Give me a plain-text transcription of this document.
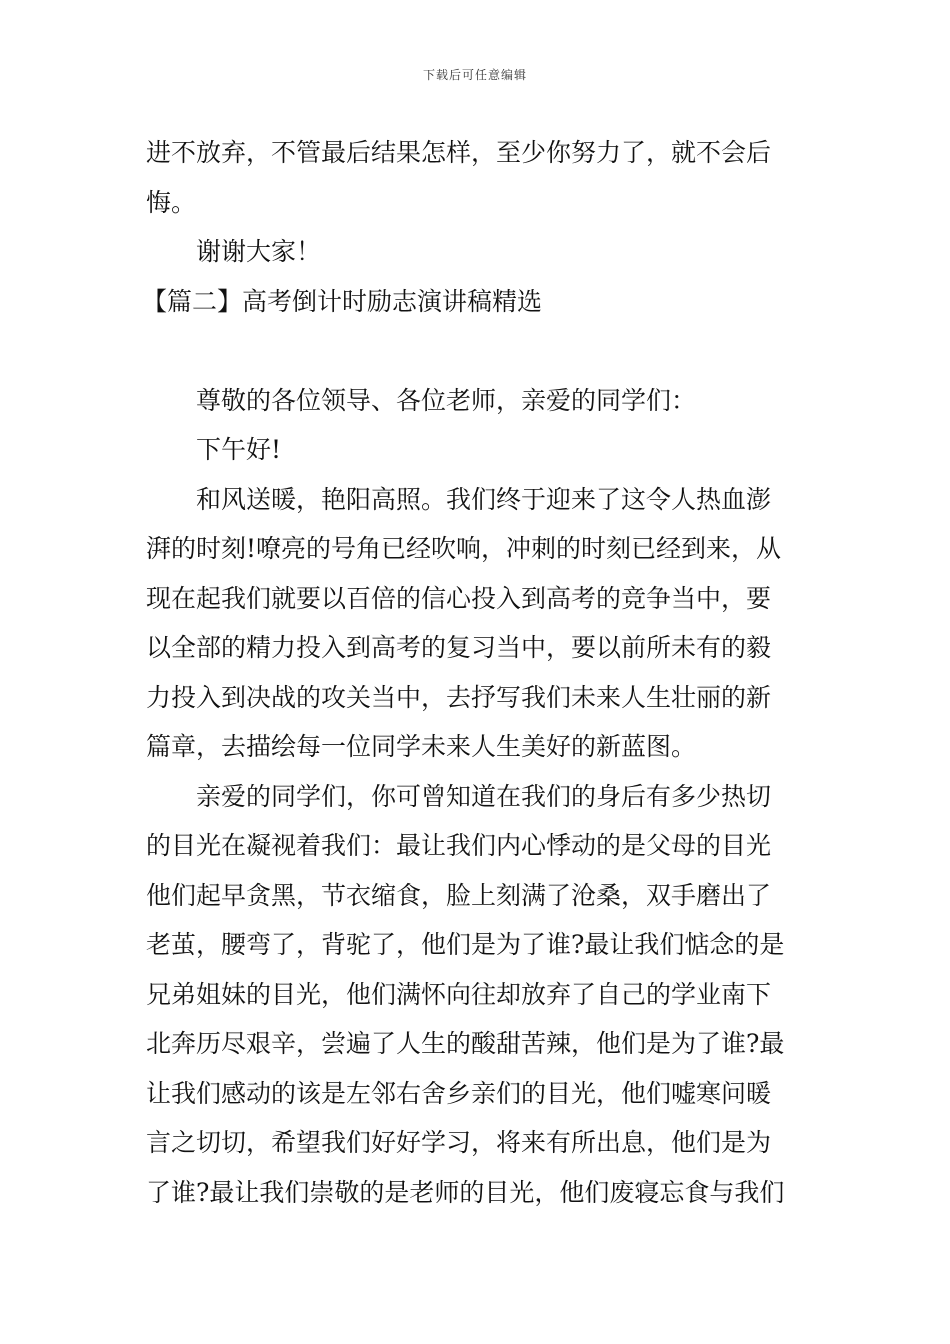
下载后可任意编辑
进不放弃，不管最后结果怎样，至少你努力了，就不会后
悔。
谢谢大家！
【篇二】高考倒计时励志演讲稿精选
尊敬的各位领导、各位老师，亲爱的同学们：
下午好!
和风送暖，艳阳高照。我们终于迎来了这令人热血澎
湃的时刻!嘹亮的号角已经吹响，冲刺的时刻已经到来，从
现在起我们就要以百倍的信心投入到高考的竞争当中，要
以全部的精力投入到高考的复习当中，要以前所未有的毅
力投入到决战的攻关当中，去抒写我们未来人生壮丽的新
篇章，去描绘每一位同学未来人生美好的新蓝图。
亲爱的同学们，你可曾知道在我们的身后有多少热切
的目光在凝视着我们：最让我们内心悸动的是父母的目光
他们起早贪黑，节衣缩食，脸上刻满了沧桑，双手磨出了
老茧，腰弯了，背驼了，他们是为了谁?最让我们惦念的是
兄弟姐妹的目光，他们满怀向往却放弃了自己的学业南下
北奔历尽艰辛，尝遍了人生的酸甜苦辣，他们是为了谁?最
让我们感动的该是左邻右舍乡亲们的目光，他们嘘寒问暖
言之切切，希望我们好好学习，将来有所出息，他们是为
了谁?最让我们崇敬的是老师的目光，他们废寝忘食与我们
